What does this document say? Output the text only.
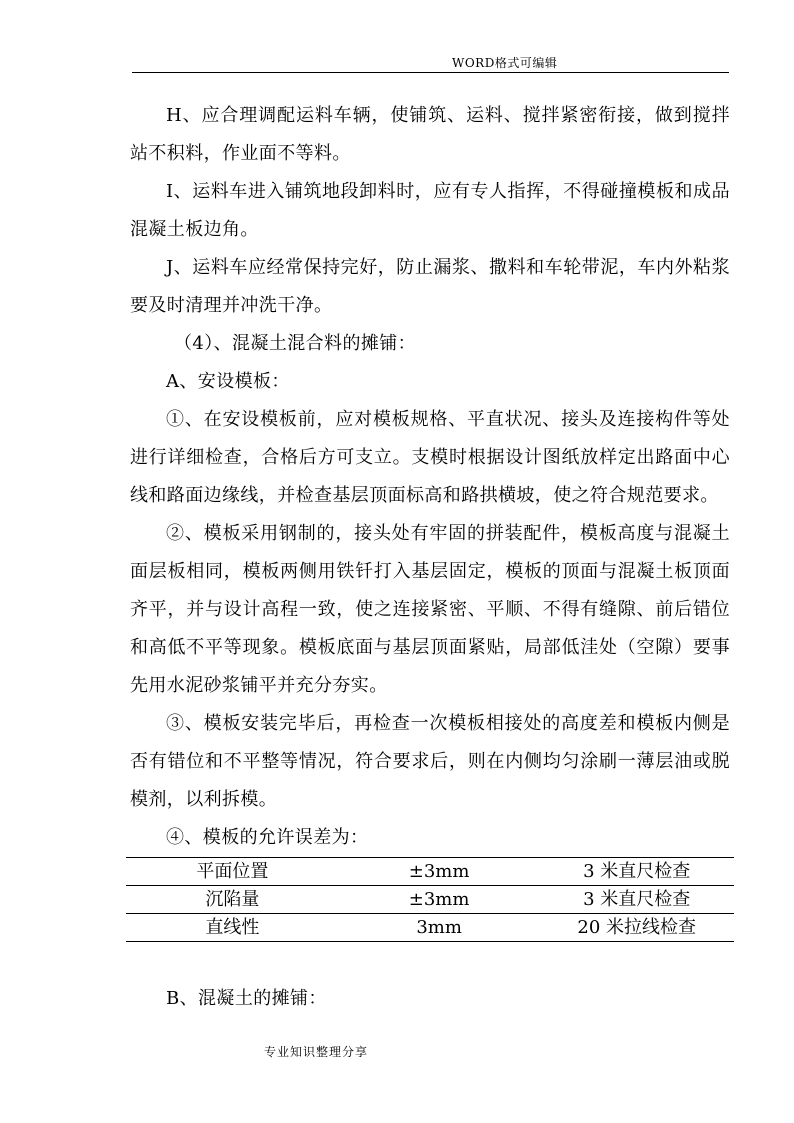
WORD格式可编辑

H、应合理调配运料车辆，使铺筑、运料、搅拌紧密衔接，做到搅拌站不积料，作业面不等料。

I、运料车进入铺筑地段卸料时，应有专人指挥，不得碰撞模板和成品混凝土板边角。

J、运料车应经常保持完好，防止漏浆、撒料和车轮带泥，车内外粘浆要及时清理并冲洗干净。

（4）、混凝土混合料的摊铺：

A、安设模板：

①、在安设模板前，应对模板规格、平直状况、接头及连接构件等处进行详细检查，合格后方可支立。支模时根据设计图纸放样定出路面中心线和路面边缘线，并检查基层顶面标高和路拱横坡，使之符合规范要求。

②、模板采用钢制的，接头处有牢固的拼装配件，模板高度与混凝土面层板相同，模板两侧用铁钎打入基层固定，模板的顶面与混凝土板顶面齐平，并与设计高程一致，使之连接紧密、平顺、不得有缝隙、前后错位和高低不平等现象。模板底面与基层顶面紧贴，局部低洼处（空隙）要事先用水泥砂浆铺平并充分夯实。

③、模板安装完毕后，再检查一次模板相接处的高度差和模板内侧是否有错位和不平整等情况，符合要求后，则在内侧均匀涂刷一薄层油或脱模剂，以利拆模。

④、模板的允许误差为：

平面位置	±3mm	3 米直尺检查
沉陷量	±3mm	3 米直尺检查
直线性	3mm	20 米拉线检查

B、混凝土的摊铺：

专业知识整理分享
